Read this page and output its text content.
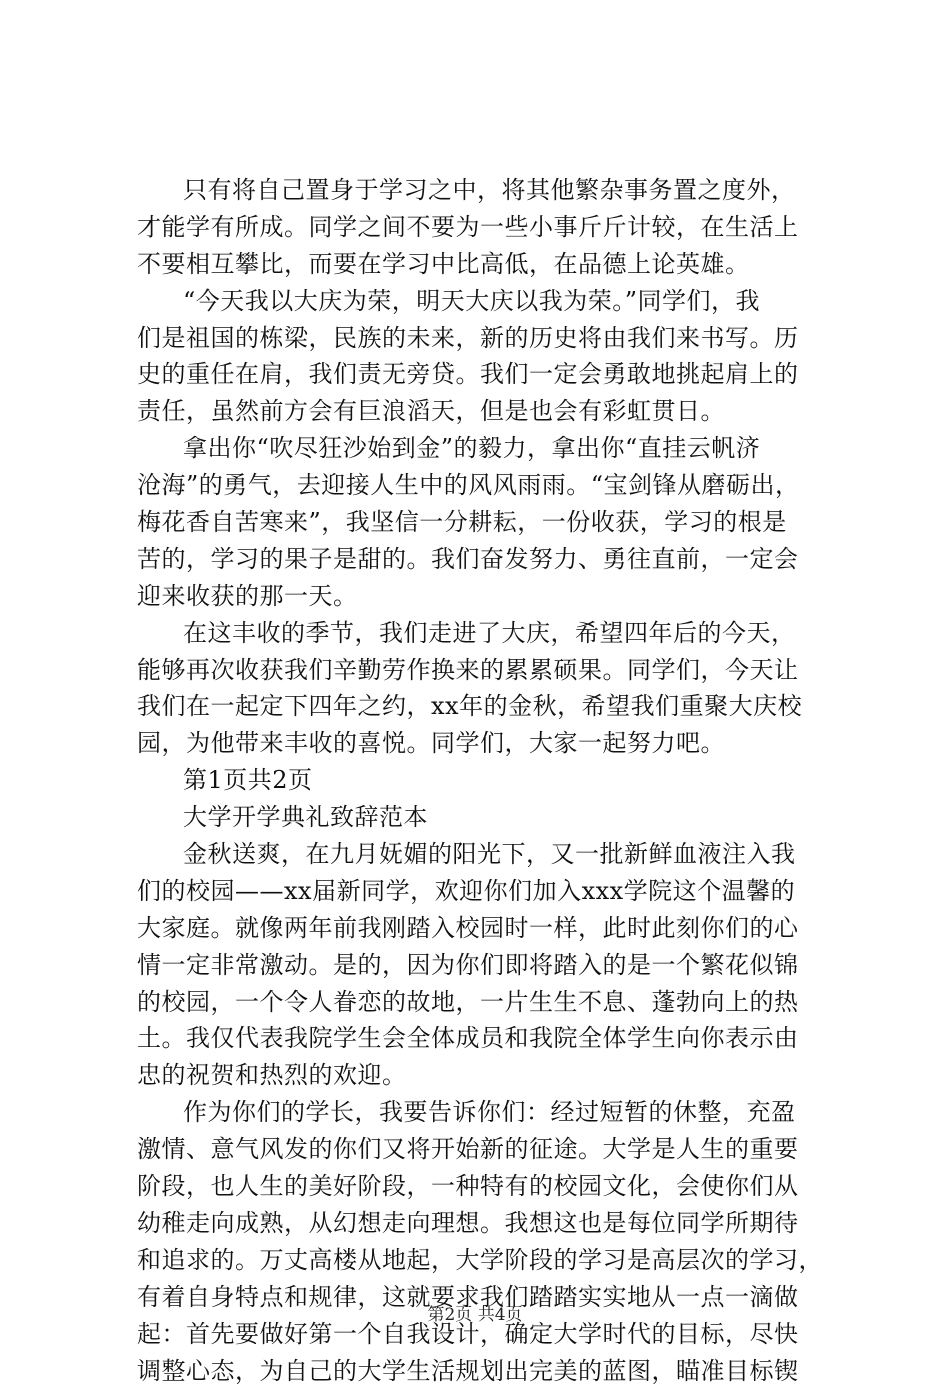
只有将自己置身于学习之中，将其他繁杂事务置之度外，
才能学有所成。同学之间不要为一些小事斤斤计较，在生活上
不要相互攀比，而要在学习中比高低，在品德上论英雄。
“今天我以大庆为荣，明天大庆以我为荣。”同学们，我
们是祖国的栋梁，民族的未来，新的历史将由我们来书写。历
史的重任在肩，我们责无旁贷。我们一定会勇敢地挑起肩上的
责任，虽然前方会有巨浪滔天，但是也会有彩虹贯日。
拿出你“吹尽狂沙始到金”的毅力，拿出你“直挂云帆济
沧海”的勇气，去迎接人生中的风风雨雨。“宝剑锋从磨砺出，
梅花香自苦寒来”，我坚信一分耕耘，一份收获，学习的根是
苦的，学习的果子是甜的。我们奋发努力、勇往直前，一定会
迎来收获的那一天。
在这丰收的季节，我们走进了大庆，希望四年后的今天，
能够再次收获我们辛勤劳作换来的累累硕果。同学们，今天让
我们在一起定下四年之约，xx年的金秋，希望我们重聚大庆校
园，为他带来丰收的喜悦。同学们，大家一起努力吧。
第1页共2页
大学开学典礼致辞范本
金秋送爽，在九月妩媚的阳光下，又一批新鲜血液注入我
们的校园——xx届新同学，欢迎你们加入xxx学院这个温馨的
大家庭。就像两年前我刚踏入校园时一样，此时此刻你们的心
情一定非常激动。是的，因为你们即将踏入的是一个繁花似锦
的校园，一个令人眷恋的故地，一片生生不息、蓬勃向上的热
土。我仅代表我院学生会全体成员和我院全体学生向你表示由
忠的祝贺和热烈的欢迎。
作为你们的学长，我要告诉你们：经过短暂的休整，充盈
激情、意气风发的你们又将开始新的征途。大学是人生的重要
阶段，也人生的美好阶段，一种特有的校园文化，会使你们从
幼稚走向成熟，从幻想走向理想。我想这也是每位同学所期待
和追求的。万丈高楼从地起，大学阶段的学习是高层次的学习，
有着自身特点和规律，这就要求我们踏踏实实地从一点一滴做
起：首先要做好第一个自我设计，确定大学时代的目标，尽快
调整心态，为自己的大学生活规划出完美的蓝图，瞄准目标锲
第2页 共4页
